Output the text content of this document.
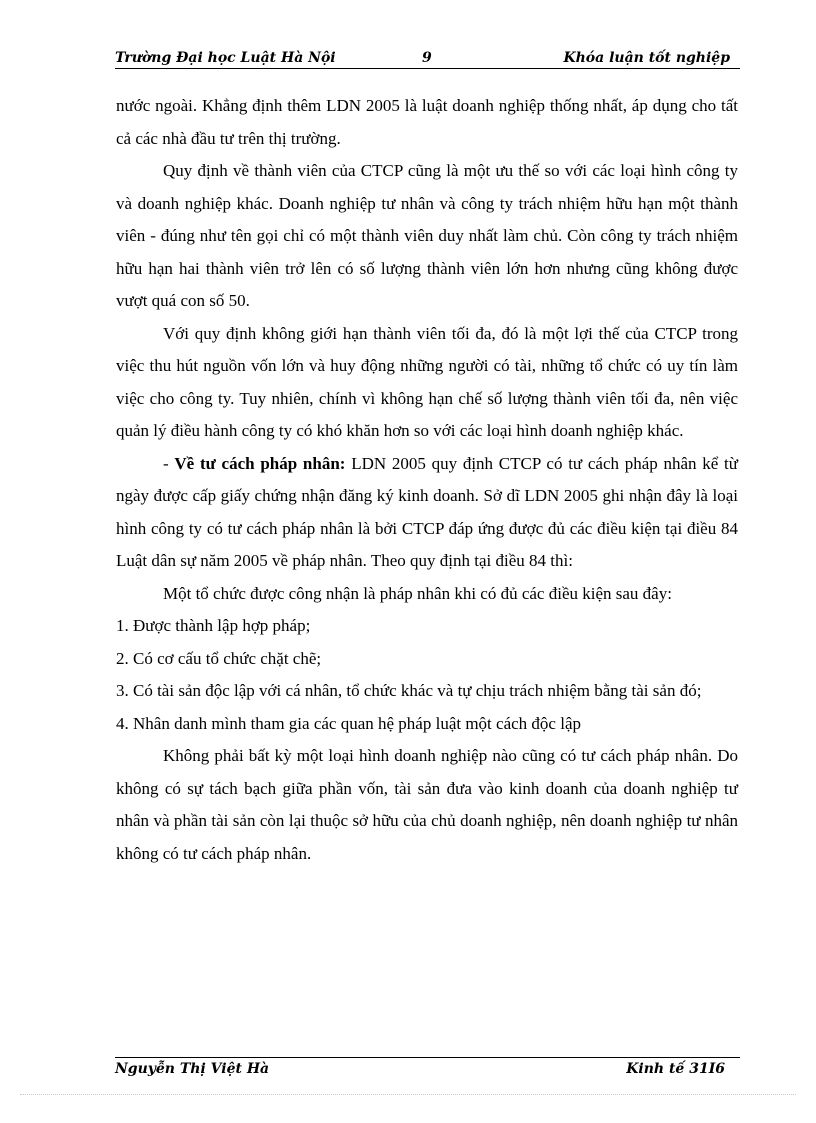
Trường Đại học Luật Hà Nội	9	Khóa luận tốt nghiệp

nước ngoài. Khẳng định thêm LDN 2005 là luật doanh nghiệp thống nhất, áp dụng cho tất cả các nhà đầu tư trên thị trường.

Quy định về thành viên của CTCP cũng là một ưu thế so với các loại hình công ty và doanh nghiệp khác. Doanh nghiệp tư nhân và công ty trách nhiệm hữu hạn một thành viên - đúng như tên gọi chỉ có một thành viên duy nhất làm chủ. Còn công ty trách nhiệm hữu hạn hai thành viên trở lên có số lượng thành viên lớn hơn nhưng cũng không được vượt quá con số 50.

Với quy định không giới hạn thành viên tối đa, đó là một lợi thế của CTCP trong việc thu hút nguồn vốn lớn và huy động những người có tài, những tổ chức có uy tín làm việc cho công ty. Tuy nhiên, chính vì không hạn chế số lượng thành viên tối đa, nên việc quản lý điều hành công ty có khó khăn hơn so với các loại hình doanh nghiệp khác.

- Về tư cách pháp nhân: LDN 2005 quy định CTCP có tư cách pháp nhân kể từ ngày được cấp giấy chứng nhận đăng ký kinh doanh. Sở dĩ LDN 2005 ghi nhận đây là loại hình công ty có tư cách pháp nhân là bởi CTCP đáp ứng được đủ các điều kiện tại điều 84 Luật dân sự năm 2005 về pháp nhân. Theo quy định tại điều 84 thì:

Một tổ chức được công nhận là pháp nhân khi có đủ các điều kiện sau đây:

1. Được thành lập hợp pháp;

2. Có cơ cấu tổ chức chặt chẽ;

3. Có tài sản độc lập với cá nhân, tổ chức khác và tự chịu trách nhiệm bằng tài sản đó;

4. Nhân danh mình tham gia các quan hệ pháp luật một cách độc lập

Không phải bất kỳ một loại hình doanh nghiệp nào cũng có tư cách pháp nhân. Do không có sự tách bạch giữa phần vốn, tài sản đưa vào kinh doanh của doanh nghiệp tư nhân và phần tài sản còn lại thuộc sở hữu của chủ doanh nghiệp, nên doanh nghiệp tư nhân không có tư cách pháp nhân.

Nguyễn Thị Việt Hà	Kinh tế 31I6
